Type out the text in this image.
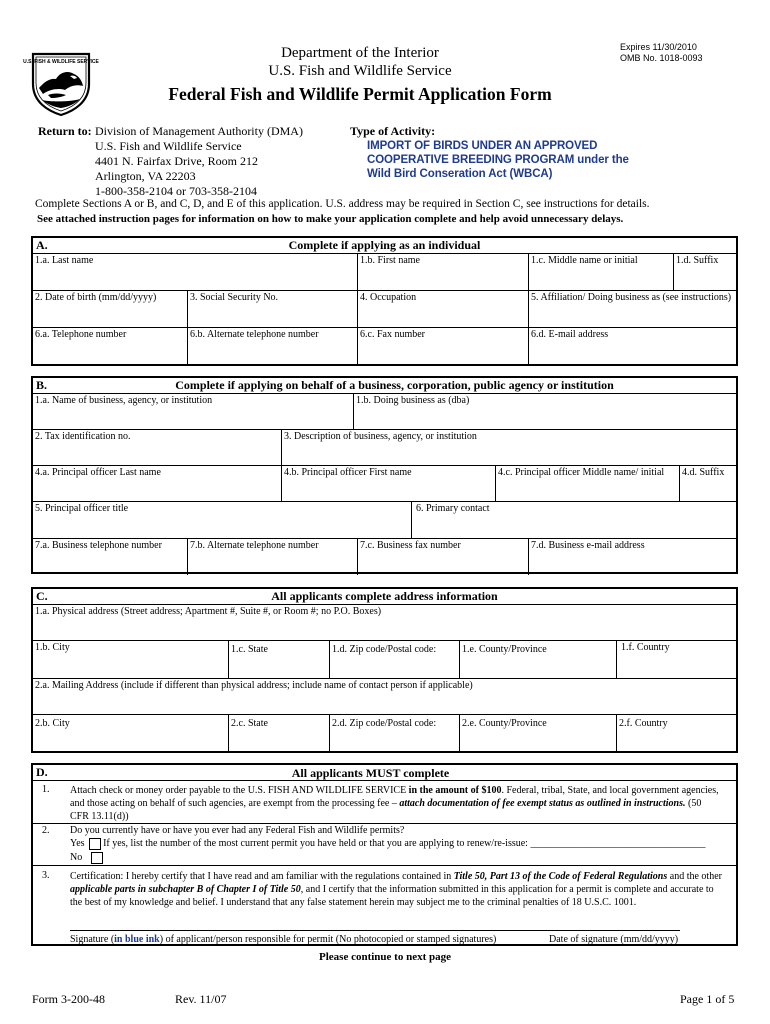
U.S. FISH & WILDLIFE SERVICE
Department of the Interior
U.S. Fish and Wildlife Service
Expires 11/30/2010
OMB No. 1018-0093
Federal Fish and Wildlife Permit Application Form
Return to: Division of Management Authority (DMA)
U.S. Fish and Wildlife Service
4401 N. Fairfax Drive, Room 212
Arlington, VA 22203
1-800-358-2104 or 703-358-2104
Type of Activity:
IMPORT OF BIRDS UNDER AN APPROVED
COOPERATIVE BREEDING PROGRAM under the
Wild Bird Conseration Act (WBCA)
Complete Sections A or B, and C, D, and E of this application. U.S. address may be required in Section C, see instructions for details.
See attached instruction pages for information on how to make your application complete and help avoid unnecessary delays.
A.	Complete if applying as an individual
1.a. Last name	1.b. First name	1.c. Middle name or initial	1.d. Suffix
2. Date of birth (mm/dd/yyyy)	3. Social Security No.	4. Occupation	5. Affiliation/ Doing business as (see instructions)
6.a. Telephone number	6.b. Alternate telephone number	6.c. Fax number	6.d. E-mail address
B.	Complete if applying on behalf of a business, corporation, public agency or institution
1.a. Name of business, agency, or institution	1.b. Doing business as (dba)
2. Tax identification no.	3. Description of business, agency, or institution
4.a. Principal officer Last name	4.b. Principal officer First name	4.c. Principal officer Middle name/ initial	4.d. Suffix
5. Principal officer title	6. Primary contact
7.a. Business telephone number	7.b. Alternate telephone number	7.c. Business fax number	7.d. Business e-mail address
C.	All applicants complete address information
1.a. Physical address (Street address; Apartment #, Suite #, or Room #; no P.O. Boxes)
1.b. City	1.c. State	1.d. Zip code/Postal code:	1.e. County/Province	1.f. Country
2.a. Mailing Address (include if different than physical address; include name of contact person if applicable)
2.b. City	2.c. State	2.d. Zip code/Postal code:	2.e. County/Province	2.f. Country
D.	All applicants MUST complete
1. Attach check or money order payable to the U.S. FISH AND WILDLIFE SERVICE in the amount of $100. Federal, tribal, State, and local government agencies,
and those acting on behalf of such agencies, are exempt from the processing fee – attach documentation of fee exempt status as outlined in instructions. (50
CFR 13.11(d))
2. Do you currently have or have you ever had any Federal Fish and Wildlife permits?
Yes If yes, list the number of the most current permit you have held or that you are applying to renew/re-issue: ___________________________________
No
3. Certification: I hereby certify that I have read and am familiar with the regulations contained in Title 50, Part 13 of the Code of Federal Regulations and the other
applicable parts in subchapter B of Chapter I of Title 50, and I certify that the information submitted in this application for a permit is complete and accurate to
the best of my knowledge and belief. I understand that any false statement herein may subject me to the criminal penalties of 18 U.S.C. 1001.
Signature (in blue ink) of applicant/person responsible for permit (No photocopied or stamped signatures)	Date of signature (mm/dd/yyyy)
Please continue to next page
Form 3-200-48	Rev. 11/07	Page 1 of 5
